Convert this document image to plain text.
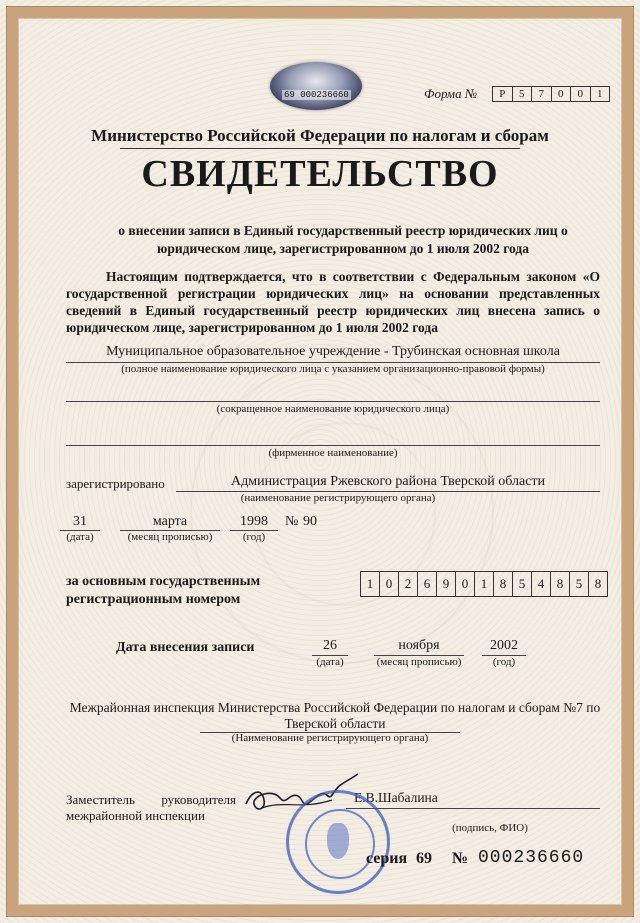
69 000236660	Форма №	Р	5	7	0	0	1
Министерство Российской Федерации по налогам и сборам
СВИДЕТЕЛЬСТВО
о внесении записи в Единый государственный реестр юридических лиц о юридическом лице, зарегистрированном до 1 июля 2002 года
Настоящим подтверждается, что в соответствии с Федеральным законом «О государственной регистрации юридических лиц» на основании представленных сведений в Единый государственный реестр юридических лиц внесена запись о юридическом лице, зарегистрированном до 1 июля 2002 года
Муниципальное образовательное учреждение - Трубинская основная школа
(полное наименование юридического лица с указанием организационно-правовой формы)
(сокращенное наименование юридического лица)
(фирменное наименование)
зарегистрировано	Администрация Ржевского района Тверской области
(наименование регистрирующего органа)
31
(дата)
марта
(месяц прописью)
1998
(год)
№ 90
за основным государственным
регистрационным номером
1 0 2 6 9 0 1 8 5 4 8 5 8
Дата внесения записи	26
(дата)
ноября
(месяц прописью)
2002
(год)
Межрайонная инспекция Министерства Российской Федерации по налогам и сборам №7 по
Тверской области
(Наименование регистрирующего органа)
Заместитель руководителя
межрайонной инспекции
Е.В.Шабалина
(подпись, ФИО)
серия 69 № 000236660
